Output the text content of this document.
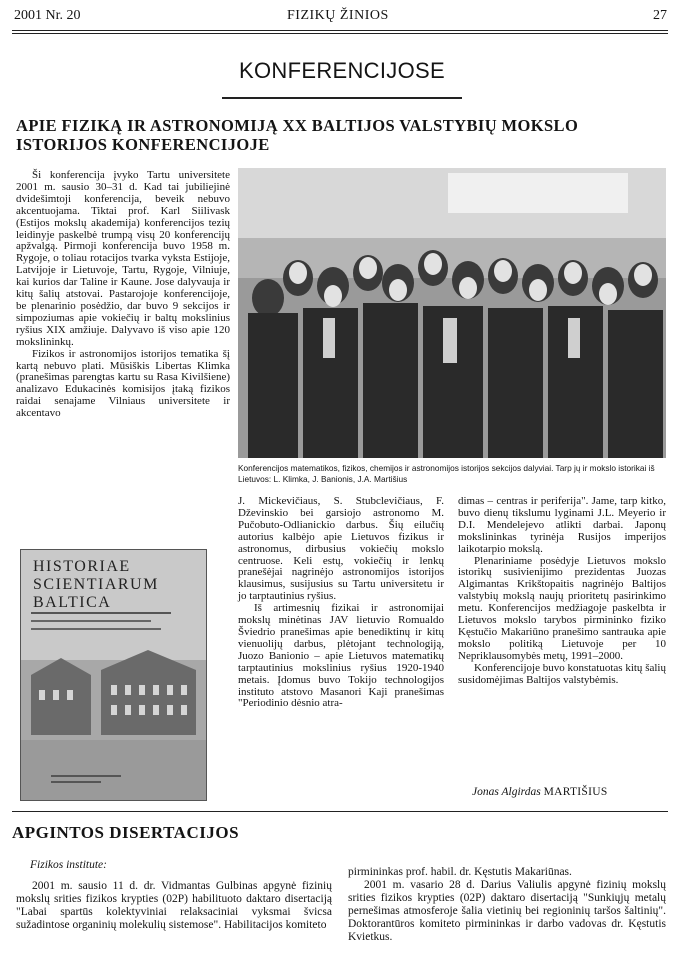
2001 Nr. 20	FIZIKŲ ŽINIOS	27
KONFERENCIJOSE
APIE FIZIKĄ IR ASTRONOMIJĄ XX BALTIJOS VALSTYBIŲ MOKSLO ISTORIJOS KONFERENCIJOJE

Ši konferencija įvyko Tartu universitete 2001 m. sausio 30–31 d. Kad tai jubiliejinė dvidešimtoji konferencija, beveik nebuvo akcentuojama. Tiktai prof. Karl Siilivask (Estijos mokslų akademija) konferencijos tezių leidinyje paskelbė trumpą visų 20 konferencijų apžvalgą. Pirmoji konferencija buvo 1958 m. Rygoje, o toliau rotacijos tvarka vyksta Estijoje, Latvijoje ir Lietuvoje, Tartu, Rygoje, Vilniuje, kai kurios dar Taline ir Kaune. Jose dalyvauja ir kitų šalių atstovai. Pastarojoje konferencijoje, be plenarinio posėdžio, dar buvo 9 sekcijos ir simpoziumas apie vokiečių ir baltų mokslinius ryšius XIX amžiuje. Dalyvavo iš viso apie 120 mokslininkų.

Fizikos ir astronomijos istorijos tematika šį kartą nebuvo plati. Mūsiškis Libertas Klimka (pranešimas parengtas kartu su Rasa Kivilšiene) analizavo Edukacinės komisijos įtaką fizikos raidai senajame Vilniaus universitete ir akcentavo

Konferencijos matematikos, fizikos, chemijos ir astronomijos istorijos sekcijos dalyviai. Tarp jų ir mokslo istorikai iš Lietuvos: L. Klimka, J. Banionis, J.A. Martišius
HISTORIAE SCIENTIARUM BALTICA

J. Mickevičiaus, S. Stubclevičiaus, F. Dževinskio bei garsiojo astronomo M. Pučobuto-Odlianickio darbus. Šių eilučių autorius kalbėjo apie Lietuvos fizikus ir astronomus, dirbusius vokiečių mokslo centruose. Keli estų, vokiečių ir lenkų pranešėjai nagrinėjo astronomijos istorijos klausimus, susijusius su Tartu universitetu ir jo tarptautinius ryšius.

Iš artimesnių fizikai ir astronomijai mokslų minėtinas JAV lietuvio Romualdo Šviedrio pranešimas apie benediktinų ir kitų vienuolijų darbus, plėtojant technologiją, Juozo Banionio – apie Lietuvos matematikų tarptautinius mokslinius ryšius 1920-1940 metais. Įdomus buvo Tokijo technologijos instituto atstovo Masanori Kaji pranešimas "Periodinio dėsnio atra-

dimas – centras ir periferija". Jame, tarp kitko, buvo dienų tikslumu lyginami J.L. Meyerio ir D.I. Mendelejevo atlikti darbai. Japonų mokslininkas tyrinėja Rusijos imperijos laikotarpio mokslą.

Plenariniame posėdyje Lietuvos mokslo istorikų susivienijimo prezidentas Juozas Algimantas Krikštopaitis nagrinėjo Baltijos valstybių mokslą naujų prioritetų pasirinkimo metu. Konferencijos medžiagoje paskelbta ir Lietuvos mokslo tarybos pirmininko fiziko Kęstučio Makariūno pranešimo santrauka apie mokslo politiką Lietuvoje per 10 Nepriklausomybės metų, 1991–2000.

Konferencijoje buvo konstatuotas kitų šalių susidomėjimas Baltijos valstybėmis.

Jonas Algirdas MARTIŠIUS
APGINTOS DISERTACIJOS
Fizikos institute:

2001 m. sausio 11 d. dr. Vidmantas Gulbinas apgynė fizinių mokslų srities fizikos krypties (02P) habilituoto daktaro disertaciją "Labai spartūs kolektyviniai relaksaciniai vyksmai švicsa sužadintose organinių molekulių sistemose". Habilitacijos komiteto

pirmininkas prof. habil. dr. Kęstutis Makariūnas.

2001 m. vasario 28 d. Darius Valiulis apgynė fizinių mokslų srities fizikos krypties (02P) daktaro disertaciją "Sunkiųjų metalų pernešimas atmosferoje šalia vietinių bei regioninių taršos šaltinių". Doktorantūros komiteto pirmininkas ir darbo vadovas dr. Kęstutis Kvietkus.
